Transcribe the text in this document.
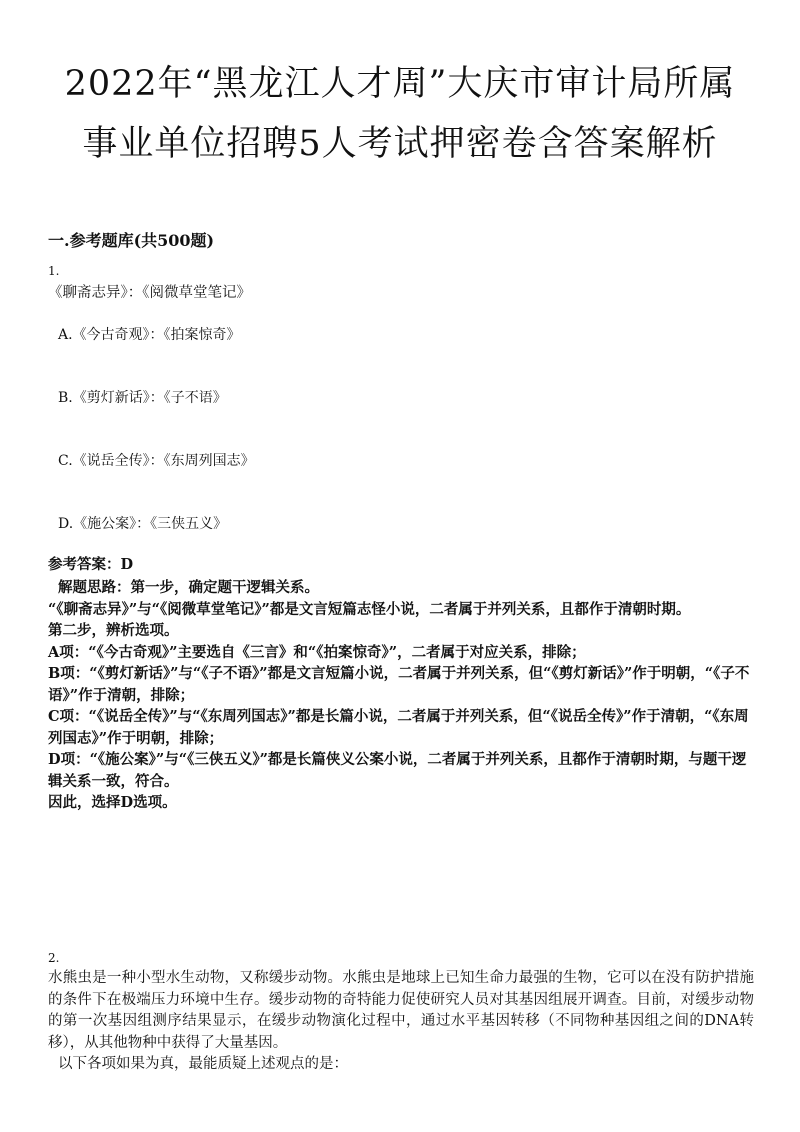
2022年“黑龙江人才周”大庆市审计局所属
事业单位招聘5人考试押密卷含答案解析
一.参考题库(共500题)
1.
《聊斋志异》：《阅微草堂笔记》
A.《今古奇观》：《拍案惊奇》
B.《剪灯新话》：《子不语》
C.《说岳全传》：《东周列国志》
D.《施公案》：《三侠五义》
参考答案：D

解题思路：第一步，确定题干逻辑关系。

“《聊斋志异》”与“《阅微草堂笔记》”都是文言短篇志怪小说，二者属于并列关系，且都作于清朝时期。

第二步，辨析选项。

A项：“《今古奇观》”主要选自《三言》和“《拍案惊奇》”，二者属于对应关系，排除；

B项：“《剪灯新话》”与“《子不语》”都是文言短篇小说，二者属于并列关系，但“《剪灯新话》”作于明朝，“《子不语》”作于清朝，排除；

C项：“《说岳全传》”与“《东周列国志》”都是长篇小说，二者属于并列关系，但“《说岳全传》”作于清朝，“《东周列国志》”作于明朝，排除；

D项：“《施公案》”与“《三侠五义》”都是长篇侠义公案小说，二者属于并列关系，且都作于清朝时期，与题干逻辑关系一致，符合。

因此，选择D选项。

2.

水熊虫是一种小型水生动物，又称缓步动物。水熊虫是地球上已知生命力最强的生物，它可以在没有防护措施的条件下在极端压力环境中生存。缓步动物的奇特能力促使研究人员对其基因组展开调查。目前，对缓步动物的第一次基因组测序结果显示，在缓步动物演化过程中，通过水平基因转移（不同物种基因组之间的DNA转移），从其他物种中获得了大量基因。

以下各项如果为真，最能质疑上述观点的是：
